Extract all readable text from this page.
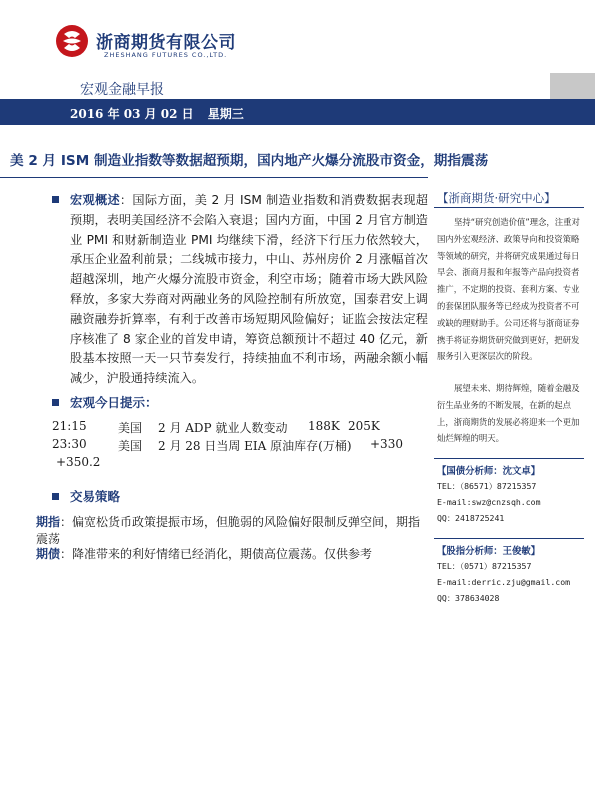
浙商期货有限公司
ZHESHANG FUTURES CO.,LTD.
宏观金融早报
2016 年 03 月 02 日 星期三
美 2 月 ISM 制造业指数等数据超预期，国内地产火爆分流股市资金，期指震荡
宏观概述：国际方面，美 2 月 ISM 制造业指数和消费数据表现超预期，表明美国经济不会陷入衰退；国内方面，中国 2 月官方制造业 PMI 和财新制造业 PMI 均继续下滑，经济下行压力依然较大，承压企业盈利前景；二线城市接力，中山、苏州房价 2 月涨幅首次超越深圳，地产火爆分流股市资金，利空市场；随着市场大跌风险释放，多家大券商对两融业务的风险控制有所放宽，国泰君安上调融资融券折算率，有利于改善市场短期风险偏好；证监会按法定程序核准了 8 家企业的首发申请，筹资总额预计不超过 40 亿元，新股基本按照一天一只节奏发行，持续抽血不利市场，两融余额小幅减少，沪股通持续流入。
宏观今日提示：
21:15	美国 2 月 ADP 就业人数变动 188K 205K
23:30	美国 2 月 28 日当周 EIA 原油库存(万桶) +330
+350.2
交易策略
期指：偏宽松货币政策提振市场，但脆弱的风险偏好限制反弹空间，期指震荡
期债：降准带来的利好情绪已经消化，期债高位震荡。仅供参考
【浙商期货·研究中心】
坚持“研究创造价值”理念，注重对国内外宏观经济、政策导向和投资策略等领域的研究，并将研究成果通过每日早会、浙商月报和年报等产品向投资者推广，不定期的投资、套利方案、专业的套保团队服务等已经成为投资者不可或缺的理财助手。公司还将与浙商证券携手将证券期货研究做到更好，把研发服务引入更深层次的阶段。
展望未来、期待辉煌，随着金融及衍生品业务的不断发展，在新的起点上，浙商期货的发展必将迎来一个更加灿烂辉煌的明天。
【国债分析师：沈文卓】
TEL：（86571）87215357
E-mail:swz@cnzsqh.com
QQ：2418725241
【股指分析师：王俊敏】
TEL：（0571）87215357
E-mail:derric.zju@gmail.com
QQ：378634028
